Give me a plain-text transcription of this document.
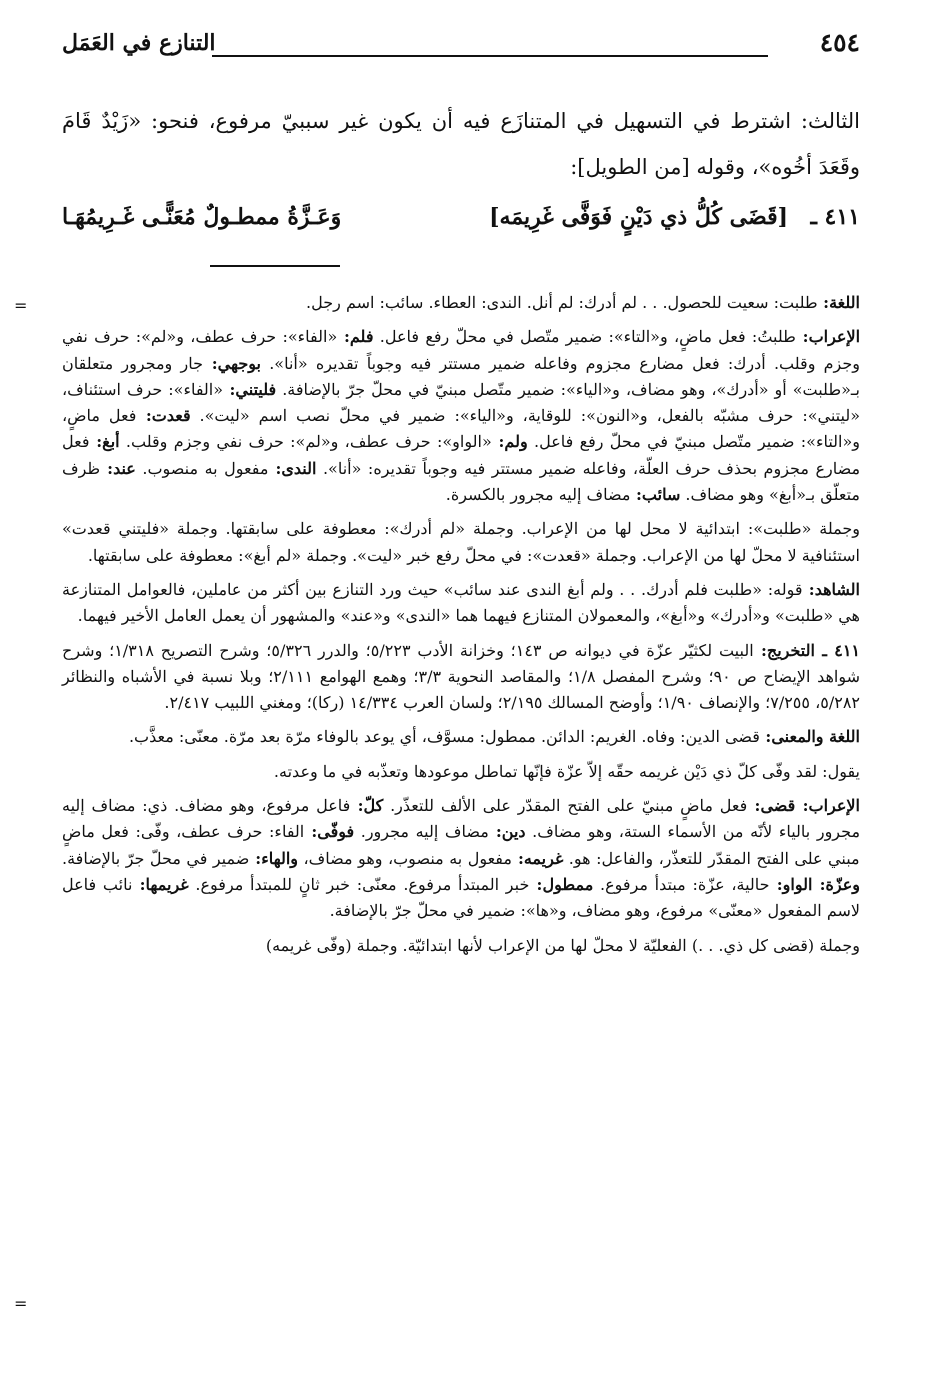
٤٥٤
التنازع في العَمَل

الثالث: اشترط في التسهيل في المتنازَع فيه أن يكون غير سببيّ مرفوع، فنحو: «زَيْدٌ قَامَ وقَعَدَ أخُوه»، وقوله [من الطويل]:

٤١١ ـ
[قَضَى كُلُّ ذي دَيْنٍ فَوَفَّى غَرِيمَه]
وَعَـزَّةُ ممطـولٌ مُعَنًّـى غَـرِيمُهَـا
=	اللغة: طلبت: سعيت للحصول. . . لم أدرك: لم أنل. الندى: العطاء. سائب: اسم رجل.

الإعراب: طلبتُ: فعل ماضٍ، و«التاء»: ضمير متّصل في محلّ رفع فاعل. فلم: «الفاء»: حرف عطف، و«لم»: حرف نفي وجزم وقلب. أدرك: فعل مضارع مجزوم وفاعله ضمير مستتر فيه وجوباً تقديره «أنا». بوجهي: جار ومجرور متعلقان بـ«طلبت» أو «أدرك»، وهو مضاف، و«الياء»: ضمير متّصل مبنيّ في محلّ جرّ بالإضافة. فليتني: «الفاء»: حرف استئناف، «ليتني»: حرف مشبّه بالفعل، و«النون»: للوقاية، و«الياء»: ضمير في محلّ نصب اسم «ليت». قعدت: فعل ماضٍ، و«التاء»: ضمير متّصل مبنيّ في محلّ رفع فاعل. ولم: «الواو»: حرف عطف، و«لم»: حرف نفي وجزم وقلب. أبغ: فعل مضارع مجزوم بحذف حرف العلّة، وفاعله ضمير مستتر فيه وجوباً تقديره: «أنا». الندى: مفعول به منصوب. عند: ظرف متعلّق بـ«أبغ» وهو مضاف. سائب: مضاف إليه مجرور بالكسرة.

وجملة «طلبت»: ابتدائية لا محل لها من الإعراب. وجملة «لم أدرك»: معطوفة على سابقتها. وجملة «فليتني قعدت» استئنافية لا محلّ لها من الإعراب. وجملة «قعدت»: في محلّ رفع خبر «ليت». وجملة «لم أبغ»: معطوفة على سابقتها.

الشاهد: قوله: «طلبت فلم أدرك. . . ولم أبغ الندى عند سائب» حيث ورد التنازع بين أكثر من عاملين، فالعوامل المتنازعة هي «طلبت» و«أدرك» و«أبغ»، والمعمولان المتنازع فيهما هما «الندى» و«عند» والمشهور أن يعمل العامل الأخير فيهما.

٤١١ ـ التخريج: البيت لكثيّر عزّة في ديوانه ص ١٤٣؛ وخزانة الأدب ٥/٢٢٣؛ والدرر ٥/٣٢٦؛ وشرح التصريح ١/٣١٨؛ وشرح شواهد الإيضاح ص ٩٠؛ وشرح المفصل ١/٨؛ والمقاصد النحوية ٣/٣؛ وهمع الهوامع ٢/١١١؛ وبلا نسبة في الأشباه والنظائر ٥/٢٨٢، ٧/٢٥٥؛ والإنصاف ١/٩٠؛ وأوضح المسالك ٢/١٩٥؛ ولسان العرب ١٤/٣٣٤ (ركا)؛ ومغني اللبيب ٢/٤١٧.

اللغة والمعنى: قضى الدين: وفاه. الغريم: الدائن. ممطول: مسوَّف، أي يوعد بالوفاء مرّة بعد مرّة. معنّى: معذَّب.

يقول: لقد وفّى كلّ ذي دَيْن غريمه حقّه إلاّ عزّة فإنّها تماطل موعودها وتعذّبه في ما وعدته.

الإعراب: قضى: فعل ماضٍ مبنيّ على الفتح المقدّر على الألف للتعذّر. كلّ: فاعل مرفوع، وهو مضاف. ذي: مضاف إليه مجرور بالياء لأنّه من الأسماء الستة، وهو مضاف. دين: مضاف إليه مجرور. فوفّى: الفاء: حرف عطف، وفّى: فعل ماضٍ مبني على الفتح المقدّر للتعذّر، والفاعل: هو. غريمه: مفعول به منصوب، وهو مضاف، والهاء: ضمير في محلّ جرّ بالإضافة. وعزّة: الواو: حالية، عزّة: مبتدأ مرفوع. ممطول: خبر المبتدأ مرفوع. معنّى: خبر ثانٍ للمبتدأ مرفوع. غريمها: نائب فاعل لاسم المفعول «معنّى» مرفوع، وهو مضاف، و«ها»: ضمير في محلّ جرّ بالإضافة.

وجملة (قضى كل ذي. . .) الفعليّة لا محلّ لها من الإعراب لأنها ابتدائيّة. وجملة (وفّى غريمه)

=
